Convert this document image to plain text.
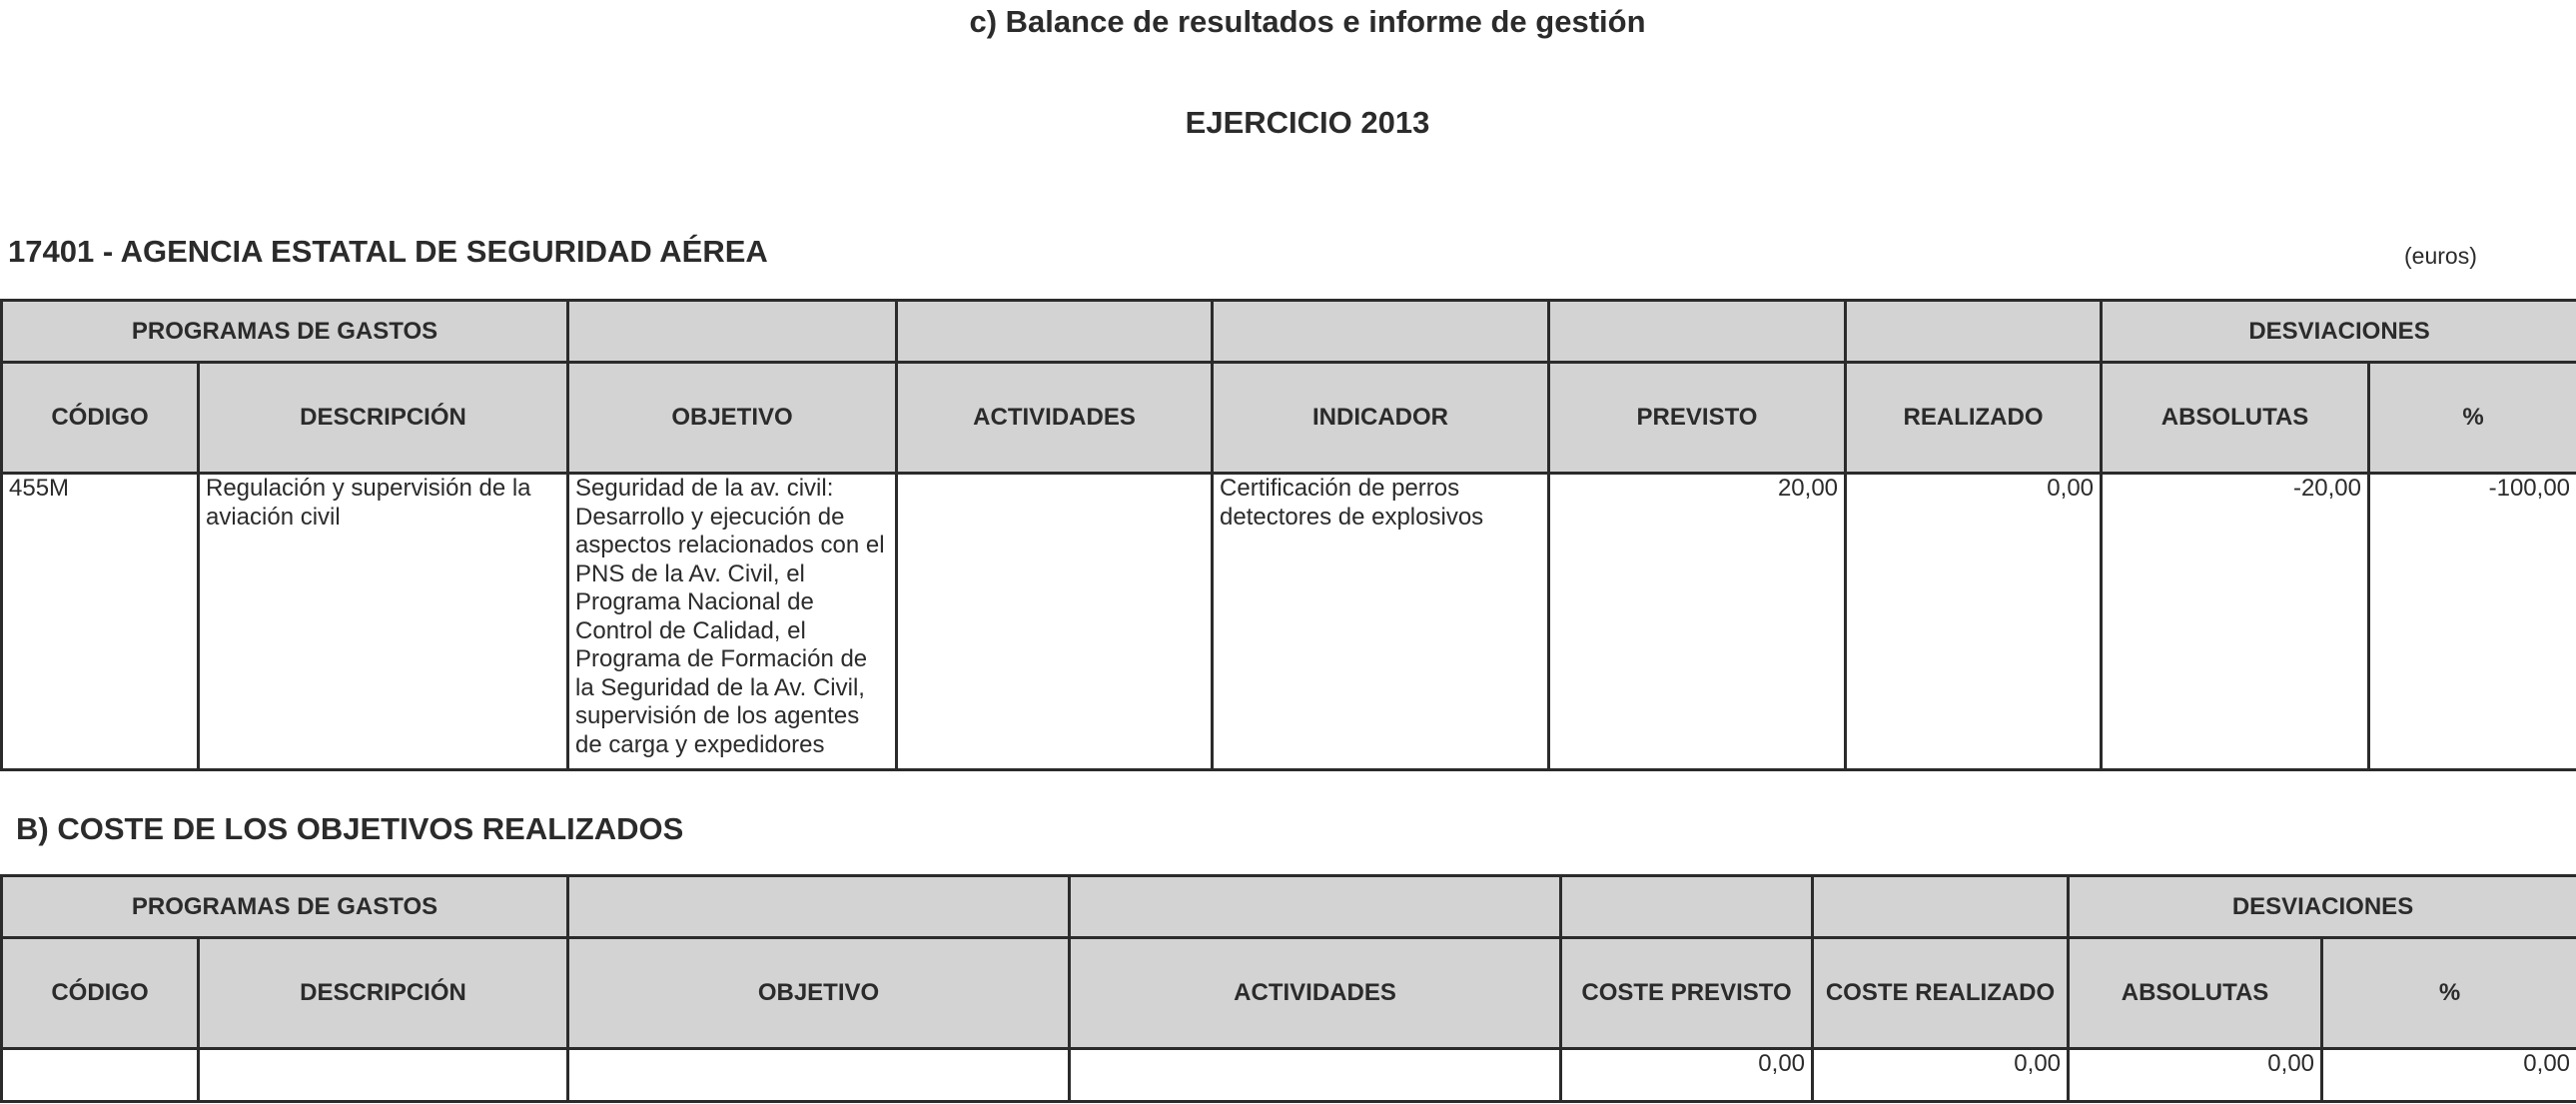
c) Balance de resultados e informe de gestión
EJERCICIO 2013
17401 - AGENCIA ESTATAL DE SEGURIDAD AÉREA	(euros)
PROGRAMAS DE GASTOS							DESVIACIONES	
CÓDIGO	DESCRIPCIÓN	OBJETIVO	ACTIVIDADES	INDICADOR	PREVISTO	REALIZADO	ABSOLUTAS	%
455M	Regulación y supervisión de la aviación civil	Seguridad de la av. civil: Desarrollo y ejecución de aspectos relacionados con el PNS de la Av. Civil, el Programa Nacional de Control de Calidad, el Programa de Formación de la Seguridad de la Av. Civil, supervisión de los agentes de carga y expedidores		Certificación de perros detectores de explosivos	20,00	0,00	-20,00	-100,00
B) COSTE DE LOS OBJETIVOS REALIZADOS
PROGRAMAS DE GASTOS						DESVIACIONES	
CÓDIGO	DESCRIPCIÓN	OBJETIVO	ACTIVIDADES	COSTE PREVISTO	COSTE REALIZADO	ABSOLUTAS	%
				0,00	0,00	0,00	0,00
